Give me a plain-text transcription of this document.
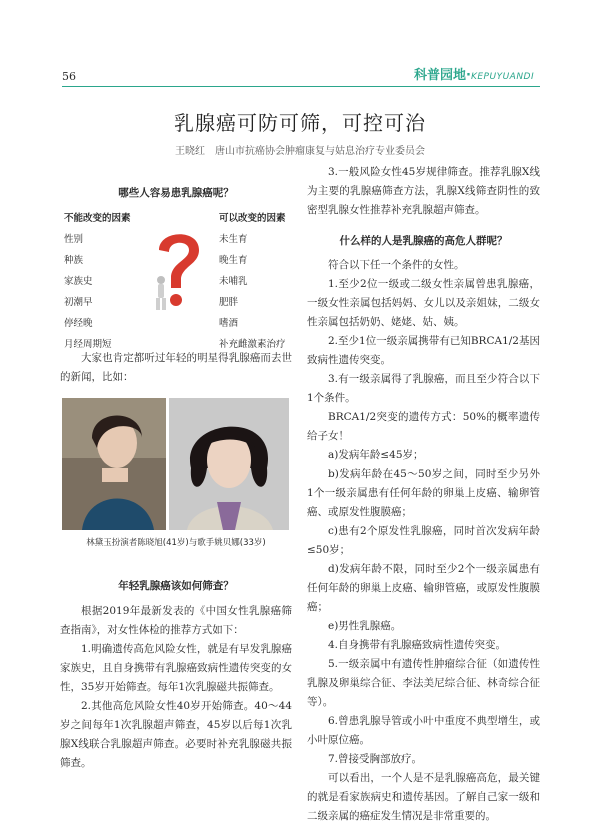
56	科普园地·KEPUYUANDI
乳腺癌可防可筛，可控可治
王晓红　唐山市抗癌协会肿瘤康复与姑息治疗专业委员会
哪些人容易患乳腺癌呢？
不能改变的因素
性别
种族
家族史
初潮早
停经晚
月经周期短
可以改变的因素
未生育
晚生育
未哺乳
肥胖
嗜酒
补充雌激素治疗

大家也肯定都听过年轻的明星得乳腺癌而去世的新闻，比如：

林黛玉扮演者陈晓旭(41岁)与歌手姚贝娜(33岁)
年轻乳腺癌该如何筛查？

根据2019年最新发表的《中国女性乳腺癌筛查指南》，对女性体检的推荐方式如下：

1.明确遗传高危风险女性，就是有早发乳腺癌家族史，且自身携带有乳腺癌致病性遗传突变的女性，35岁开始筛查。每年1次乳腺磁共振筛查。

2.其他高危风险女性40岁开始筛查。40～44岁之间每年1次乳腺超声筛查，45岁以后每1次乳腺X线联合乳腺超声筛查。必要时补充乳腺磁共振筛查。

3.一般风险女性45岁规律筛查。推荐乳腺X线为主要的乳腺癌筛查方法，乳腺X线筛查阴性的致密型乳腺女性推荐补充乳腺超声筛查。

什么样的人是乳腺癌的高危人群呢？

符合以下任一个条件的女性。

1.至少2位一级或二级女性亲属曾患乳腺癌，一级女性亲属包括妈妈、女儿以及亲姐妹，二级女性亲属包括奶奶、姥姥、姑、姨。

2.至少1位一级亲属携带有已知BRCA1/2基因致病性遗传突变。

3.有一级亲属得了乳腺癌，而且至少符合以下1个条件。

BRCA1/2突变的遗传方式：50%的概率遗传给子女！

a)发病年龄≤45岁；

b)发病年龄在45～50岁之间，同时至少另外1个一级亲属患有任何年龄的卵巢上皮癌、输卵管癌、或原发性腹膜癌；

c)患有2个原发性乳腺癌，同时首次发病年龄≤50岁；

d)发病年龄不限，同时至少2个一级亲属患有任何年龄的卵巢上皮癌、输卵管癌，或原发性腹膜癌；

e)男性乳腺癌。

4.自身携带有乳腺癌致病性遗传突变。

5.一级亲属中有遗传性肿瘤综合征（如遗传性乳腺及卵巢综合征、李法美尼综合征、林奇综合征等）。

6.曾患乳腺导管或小叶中重度不典型增生，或小叶原位癌。

7.曾接受胸部放疗。

可以看出，一个人是不是乳腺癌高危，最关键的就是看家族病史和遗传基因。了解自己家一级和二级亲属的癌症发生情况是非常重要的。
